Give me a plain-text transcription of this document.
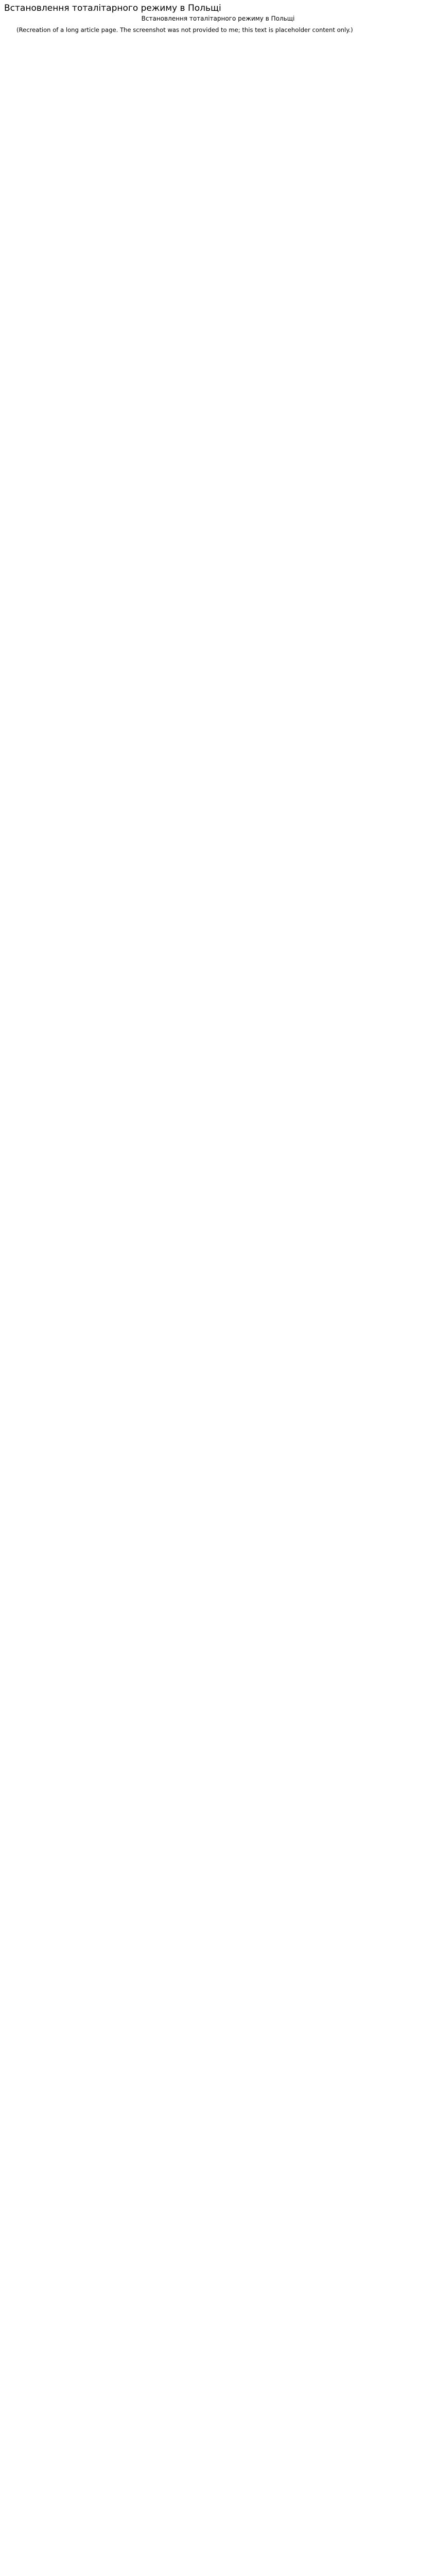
Встановлення тоталітарного режиму в Польщі
Встановлення тоталітарного режиму в Польщі

(Recreation of a long article page. The screenshot was not provided to me; this text is placeholder content only.)
